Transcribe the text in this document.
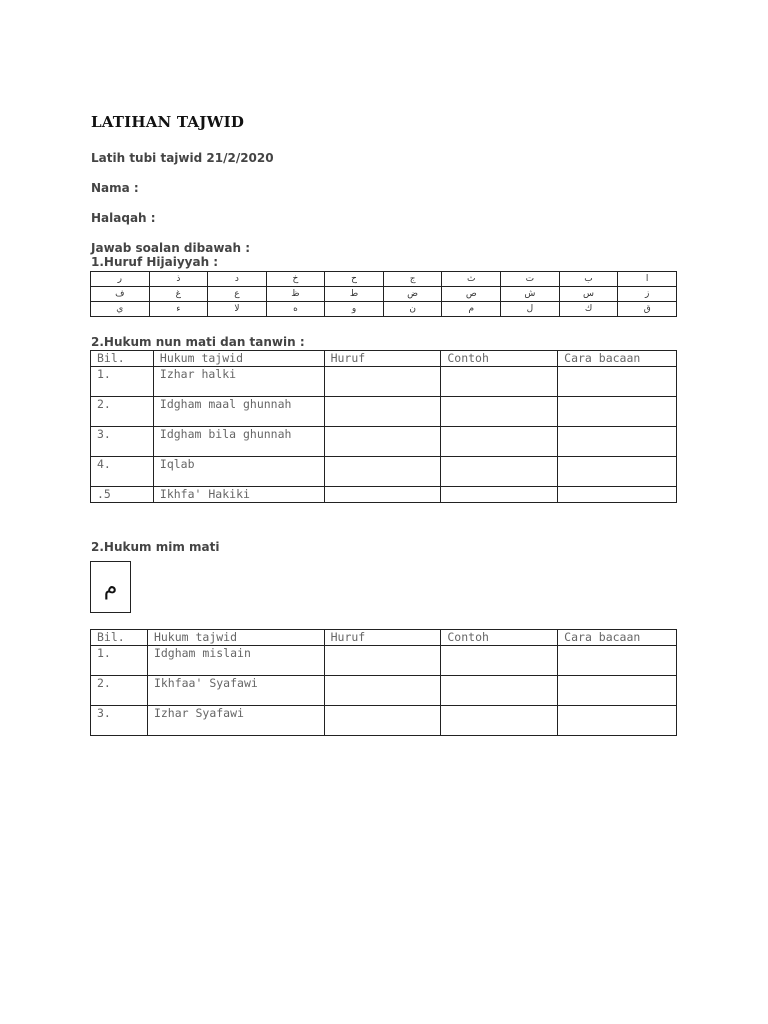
LATIHAN TAJWID
Latih tubi tajwid 21/2/2020
Nama :
Halaqah :
Jawab soalan dibawah :
1.Huruf Hijaiyyah :
ر	ذ	د	خ	ح	ج	ث	ت	ب	ا
ف	غ	ع	ظ	ط	ض	ص	ش	س	ز
ي	ء	لا	ه	و	ن	م	ل	ك	ق
2.Hukum nun mati dan tanwin :
Bil.	Hukum tajwid	Huruf	Contoh	Cara bacaan
1.	Izhar halki			
2.	Idgham maal ghunnah			
3.	Idgham bila ghunnah			
4.	Iqlab			
.5	Ikhfa' Hakiki			
2.Hukum mim mati
م
Bil.	Hukum tajwid	Huruf	Contoh	Cara bacaan
1.	Idgham mislain			
2.	Ikhfaa' Syafawi			
3.	Izhar Syafawi			
